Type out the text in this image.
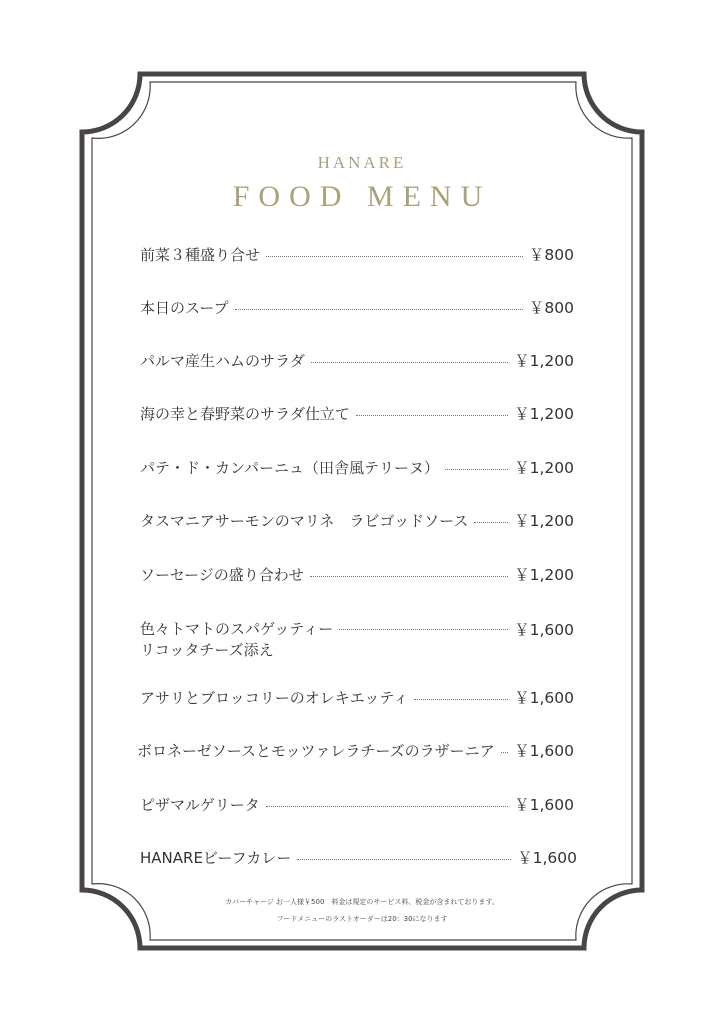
HANARE
FOOD MENU
前菜３種盛り合せ	￥800
本日のスープ	￥800
パルマ産生ハムのサラダ	￥1,200
海の幸と春野菜のサラダ仕立て	￥1,200
パテ・ド・カンパーニュ（田舎風テリーヌ）	￥1,200
タスマニアサーモンのマリネ　ラビゴッドソース	￥1,200
ソーセージの盛り合わせ	￥1,200
色々トマトのスパゲッティー
リコッタチーズ添え
￥1,600
アサリとブロッコリーのオレキエッティ	￥1,600
ボロネーゼソースとモッツァレラチーズのラザーニア ￥1,600
ピザマルゲリータ	￥1,600
HANAREビーフカレー	￥1,600
カバーチャージ お一人様￥500　料金は規定のサービス料、税金が含まれております。
フードメニューのラストオーダーは20：30になります
